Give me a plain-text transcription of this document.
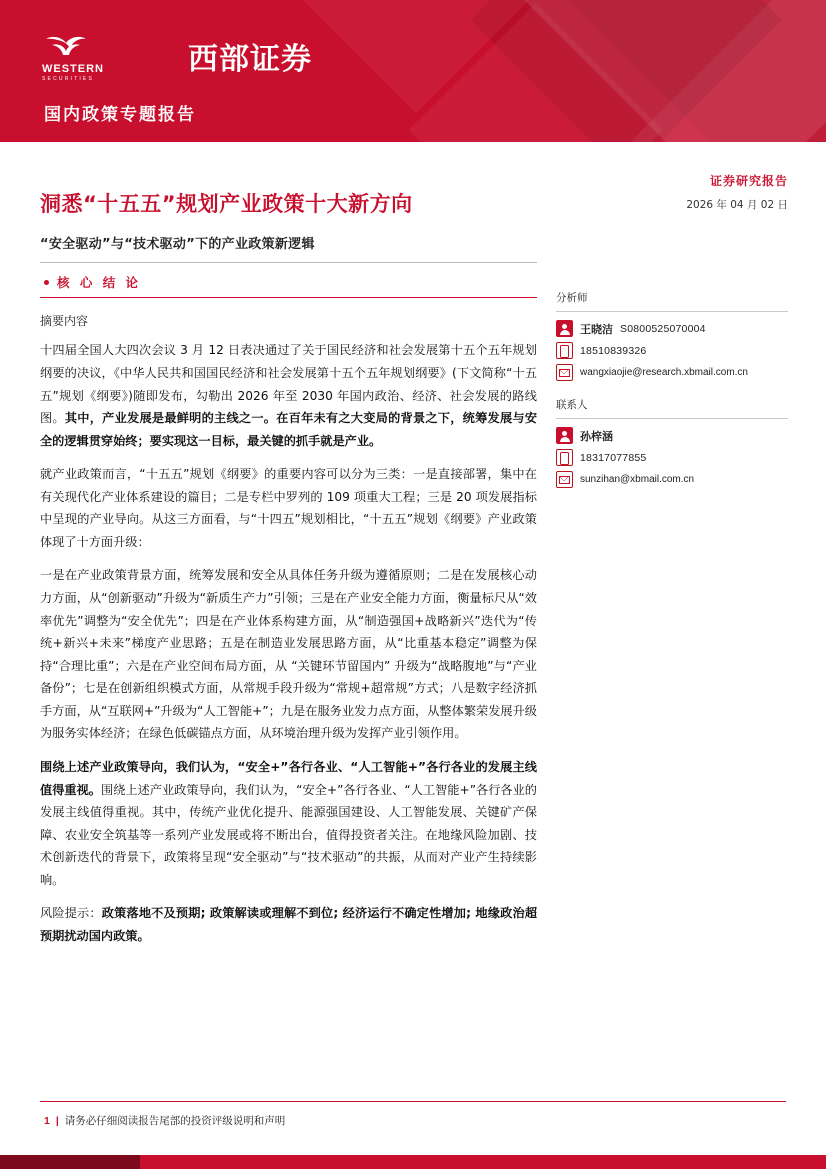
WESTERN
SECURITIES
西部证券
国内政策专题报告
洞悉“十五五”规划产业政策十大新方向
“安全驱动”与“技术驱动”下的产业政策新逻辑
核 心 结 论
摘要内容

十四届全国人大四次会议 3 月 12 日表决通过了关于国民经济和社会发展第十五个五年规划纲要的决议，《中华人民共和国国民经济和社会发展第十五个五年规划纲要》(下文简称“十五五”规划《纲要》)随即发布，勾勒出 2026 年至 2030 年国内政治、经济、社会发展的路线图。其中，产业发展是最鲜明的主线之一。在百年未有之大变局的背景之下，统筹发展与安全的逻辑贯穿始终；要实现这一目标，最关键的抓手就是产业。

就产业政策而言，“十五五”规划《纲要》的重要内容可以分为三类：一是直接部署，集中在有关现代化产业体系建设的篇目；二是专栏中罗列的 109 项重大工程；三是 20 项发展指标中呈现的产业导向。从这三方面看，与“十四五”规划相比，“十五五”规划《纲要》产业政策体现了十方面升级：

一是在产业政策背景方面，统筹发展和安全从具体任务升级为遵循原则；二是在发展核心动力方面，从“创新驱动”升级为“新质生产力”引领；三是在产业安全能力方面，衡量标尺从“效率优先”调整为“安全优先”；四是在产业体系构建方面，从“制造强国+战略新兴”迭代为“传统+新兴+未来”梯度产业思路；五是在制造业发展思路方面，从“比重基本稳定”调整为保持“合理比重”；六是在产业空间布局方面，从 “关键环节留国内” 升级为“战略腹地”与“产业备份”；七是在创新组织模式方面，从常规手段升级为“常规+超常规”方式；八是数字经济抓手方面，从“互联网+”升级为“人工智能+”；九是在服务业发力点方面，从整体繁荣发展升级为服务实体经济；在绿色低碳锚点方面，从环境治理升级为发挥产业引领作用。

围绕上述产业政策导向，我们认为，“安全+”各行各业、“人工智能+”各行各业的发展主线值得重视。围绕上述产业政策导向，我们认为，“安全+”各行各业、“人工智能+”各行各业的发展主线值得重视。其中，传统产业优化提升、能源强国建设、人工智能发展、关键矿产保障、农业安全筑基等一系列产业发展或将不断出台，值得投资者关注。在地缘风险加剧、技术创新迭代的背景下，政策将呈现“安全驱动”与“技术驱动”的共振，从而对产业产生持续影响。

风险提示：政策落地不及预期; 政策解读或理解不到位; 经济运行不确定性增加; 地缘政治超预期扰动国内政策。

证券研究报告
2026 年 04 月 02 日
分析师
王晓洁 S0800525070004
18510839326
wangxiaojie@research.xbmail.com.cn
联系人
孙梓涵
18317077855
sunzihan@xbmail.com.cn
1 | 请务必仔细阅读报告尾部的投资评级说明和声明
